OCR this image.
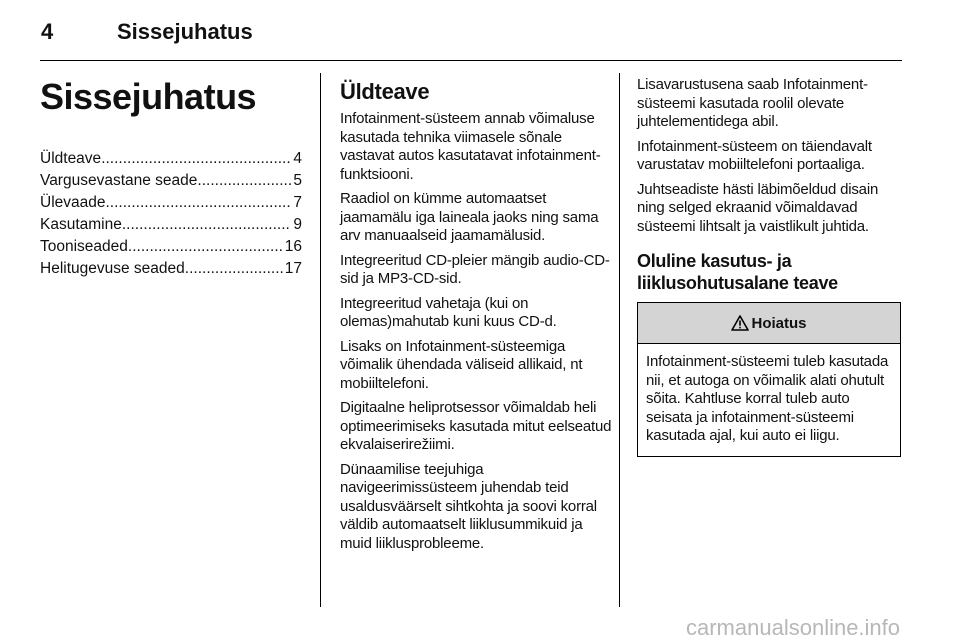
4	Sissejuhatus
Sissejuhatus
Üldteave .....	4
Vargusevastane seade .....	5
Ülevaade .....	7
Kasutamine .....	9
Tooniseaded .....	16
Helitugevuse seaded .....	17
Üldteave

Infotainment-süsteem annab võimaluse kasutada tehnika viimasele sõnale vastavat autos kasutatavat infotainment-funktsiooni.

Raadiol on kümme automaatset jaamamälu iga laineala jaoks ning sama arv manuaalseid jaamamälusid.

Integreeritud CD-pleier mängib audio-CD-sid ja MP3-CD-sid.

Integreeritud vahetaja (kui on olemas)mahutab kuni kuus CD-d.

Lisaks on Infotainment-süsteemiga võimalik ühendada väliseid allikaid, nt mobiiltelefoni.

Digitaalne heliprotsessor võimaldab heli optimeerimiseks kasutada mitut eelseatud ekvalaiserirežiimi.

Dünaamilise teejuhiga navigeerimissüsteem juhendab teid usaldusväärselt sihtkohta ja soovi korral väldib automaatselt liiklusummikuid ja muid liiklusprobleeme.

Lisavarustusena saab Infotainment-süsteemi kasutada roolil olevate juhtelementidega abil.

Infotainment-süsteem on täiendavalt varustatav mobiiltelefoni portaaliga.

Juhtseadiste hästi läbimõeldud disain ning selged ekraanid võimaldavad süsteemi lihtsalt ja vaistlikult juhtida.

Oluline kasutus- ja liiklusohutusalane teave
Hoiatus
Infotainment-süsteemi tuleb kasutada nii, et autoga on võimalik alati ohutult sõita. Kahtluse korral tuleb auto seisata ja infotainment-süsteemi kasutada ajal, kui auto ei liigu.
carmanualsonline.info
